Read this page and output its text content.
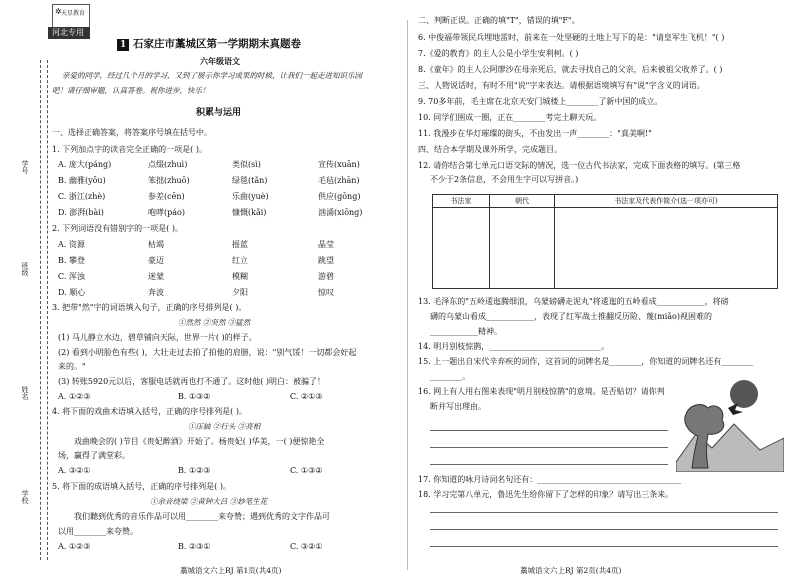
✲ 天星教育
河北专用
学号
班级
姓名
学校
1 石家庄市藁城区第一学期期末真题卷
六年级语文
亲爱的同学，经过几个月的学习，又到了展示你学习成果的时候，让我们一起走进知识乐园
吧！请仔细审题，认真答卷。祝你进步，快乐！
积累与运用
一、选择正确答案，将答案序号填在括号中。
1. 下列加点字的读音完全正确的一项是( )。
A. 庞大(páng)	点缀(zhuì)	类似(sì)	宣传(xuān)
B. 幽雅(yōu)	笨拙(zhuō)	绿毯(tǎn)	毛毡(zhān)
C. 浙江(zhè)	参差(cēn)	乐曲(yuè)	供应(gōng)
D. 澎湃(bài)	咆哮(páo)	慷慨(kǎi)	汹涌(xiōng)
2. 下列词语没有错别字的一项是( )。
A. 资源	枯竭	摇蓝	晶莹
B. 攀登	豪迈	红立	跳望
C. 浑浊	迷蒙	模糊	游碧
D. 顺心	奔波	夕阳	惊叹
3. 把带"然"字的词语填入句子，正确的序号排列是( )。
①然然 ②突然 ③猛然
(1) 马儿静立水边，碧草铺向天际，世界一片( )的样子。
(2) 看到小明脸色有些( )，大壮走过去拍了拍他的肩膀，说："别气馁！一切都会好起
来的。"
(3) 转账5920元以后，客服电话就再也打不通了。这时他( )明白：被骗了！
A. ①②③	B. ①③②	C. ②①③
4. 将下面的戏曲术语填入括号，正确的序号排列是( )。
①压轴 ②行头 ③亮相
戏曲晚会的( )节目《贵妃醉酒》开始了。杨贵妃( )华美，一( )便惊艳全
场，赢得了满堂彩。
A. ③②①	B. ①②③	C. ①③②
5. 将下面的成语填入括号，正确的序号排列是( )。
①余音绕梁 ②黄钟大吕 ③妙笔生花
我们聽到优秀的音乐作品可以用________来夸赞；遇到优秀的文字作品可
以用________来夸赞。
A. ①②③	B. ②③①	C. ③②①
藁城语文六上RJ 第1页(共4页)
二、判断正误。正确的填"T"，错误的填"F"。
6. 中俊福带领民兵埋地雷时，前来在一处坚硬的土地上写下的是："请皇军生飞机！"( )
7.《爱的教育》的主人公是小学生安利柯。( )
8.《童年》的主人公阿廖沙在母亲死后，就去寻找自己的父亲，后来被祖父收养了。( )
三、人物说话时，有时不用"说"字来表达。请根据语境填写有"说"字含义的词语。
9. 70多年前，毛主席在北京天安门城楼上________了新中国的成立。
10. 同学们围成一圈，正在________考完土聊天玩。
11. 我漫步在华灯璀璨的街头，不由发出一声________："真美啊!"
四、结合本学期及课外所学，完成题目。
12. 请你结合第七单元口语交际的情况，选一位古代书法家，完成下面表格的填写。(第三格
不少于2条信息，不会用生字可以写拼音。)
书法家	朝代	书法家及代表作简介(选一项亦可)

13. 毛泽东的"五岭逶迤腾细浪，乌蒙磅礴走泥丸"将逶迤的五岭看成____________，将磅
礴的乌蒙山看成____________，表现了红军战士推翻反历险、蔑(miǎo)视困难的
____________精神。
14. 明月别枝惊鹊，____________________________。
15. 上一题出自宋代辛弃疾的词作，这首词的词牌名是________，你知道的词牌名还有________
________。
16. 网上有人用右图来表现"明月别枝惊鹊"的意境。是否贴切？请你判
断并写出理由。
17. 你知道的咏月诗词名句还有：____________________________________
18. 学习完第八单元，鲁迅先生给你留下了怎样的印象？请写出三条来。
藁城语文六上RJ 第2页(共4页)
